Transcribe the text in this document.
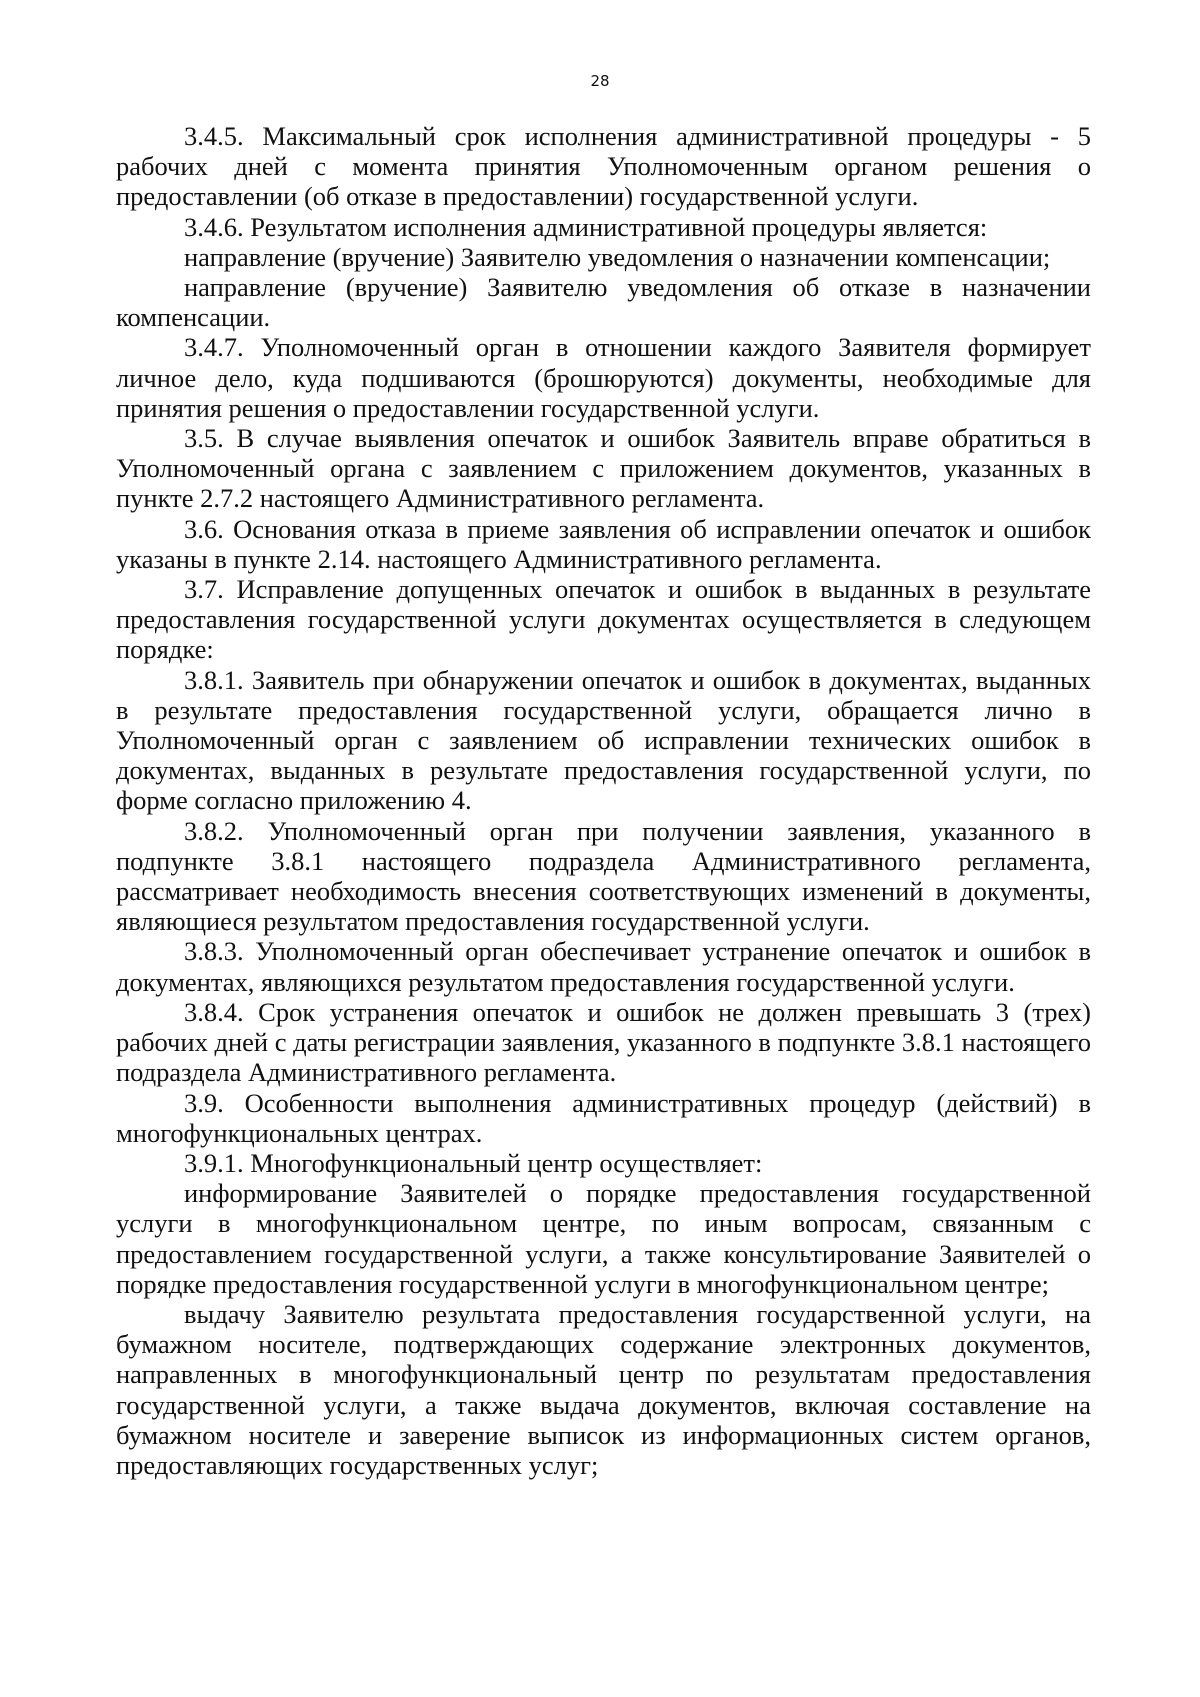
28

3.4.5. Максимальный срок исполнения административной процедуры - 5 рабочих дней с момента принятия Уполномоченным органом решения о предоставлении (об отказе в предоставлении) государственной услуги.

3.4.6. Результатом исполнения административной процедуры является:

направление (вручение) Заявителю уведомления о назначении компенсации;

направление (вручение) Заявителю уведомления об отказе в назначении компенсации.

3.4.7. Уполномоченный орган в отношении каждого Заявителя формирует личное дело, куда подшиваются (брошюруются) документы, необходимые для принятия решения о предоставлении государственной услуги.

3.5. В случае выявления опечаток и ошибок Заявитель вправе обратиться в Уполномоченный органа с заявлением с приложением документов, указанных в пункте 2.7.2 настоящего Административного регламента.

3.6. Основания отказа в приеме заявления об исправлении опечаток и ошибок указаны в пункте 2.14. настоящего Административного регламента.

3.7. Исправление допущенных опечаток и ошибок в выданных в результате предоставления государственной услуги документах осуществляется в следующем порядке:

3.8.1. Заявитель при обнаружении опечаток и ошибок в документах, выданных в результате предоставления государственной услуги, обращается лично в Уполномоченный орган с заявлением об исправлении технических ошибок в документах, выданных в результате предоставления государственной услуги, по форме согласно приложению 4.

3.8.2. Уполномоченный орган при получении заявления, указанного в подпункте 3.8.1 настоящего подраздела Административного регламента, рассматривает необходимость внесения соответствующих изменений в документы, являющиеся результатом предоставления государственной услуги.

3.8.3. Уполномоченный орган обеспечивает устранение опечаток и ошибок в документах, являющихся результатом предоставления государственной услуги.

3.8.4. Срок устранения опечаток и ошибок не должен превышать 3 (трех) рабочих дней с даты регистрации заявления, указанного в подпункте 3.8.1 настоящего подраздела Административного регламента.

3.9. Особенности выполнения административных процедур (действий) в многофункциональных центрах.

3.9.1. Многофункциональный центр осуществляет:

информирование Заявителей о порядке предоставления государственной услуги в многофункциональном центре, по иным вопросам, связанным с предоставлением государственной услуги, а также консультирование Заявителей о порядке предоставления государственной услуги в многофункциональном центре;

выдачу Заявителю результата предоставления государственной услуги, на бумажном носителе, подтверждающих содержание электронных документов, направленных в многофункциональный центр по результатам предоставления государственной услуги, а также выдача документов, включая составление на бумажном носителе и заверение выписок из информационных систем органов, предоставляющих государственных услуг;
